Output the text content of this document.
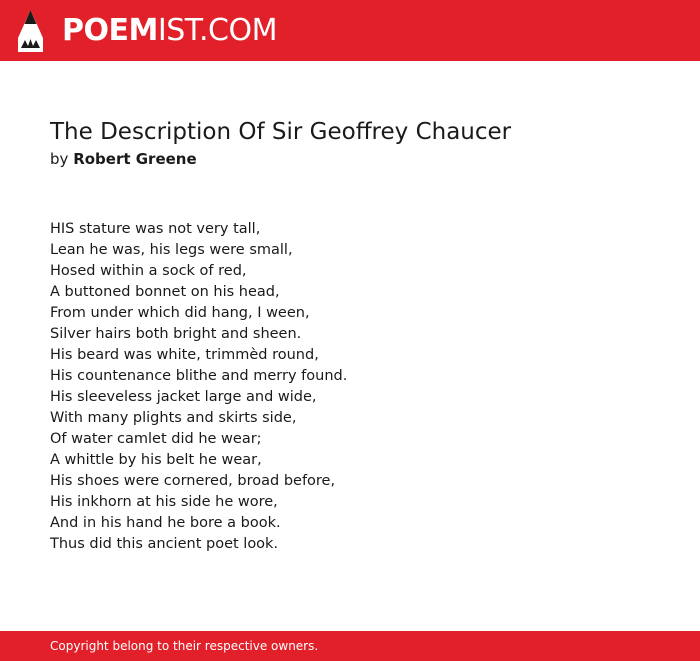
POEMIST.COM
The Description Of Sir Geoffrey Chaucer
by Robert Greene
HIS stature was not very tall,
Lean he was, his legs were small,
Hosed within a sock of red,
A buttoned bonnet on his head,
From under which did hang, I ween,
Silver hairs both bright and sheen.
His beard was white, trimmèd round,
His countenance blithe and merry found.
His sleeveless jacket large and wide,
With many plights and skirts side,
Of water camlet did he wear;
A whittle by his belt he wear,
His shoes were cornered, broad before,
His inkhorn at his side he wore,
And in his hand he bore a book.
Thus did this ancient poet look.
Copyright belong to their respective owners.
